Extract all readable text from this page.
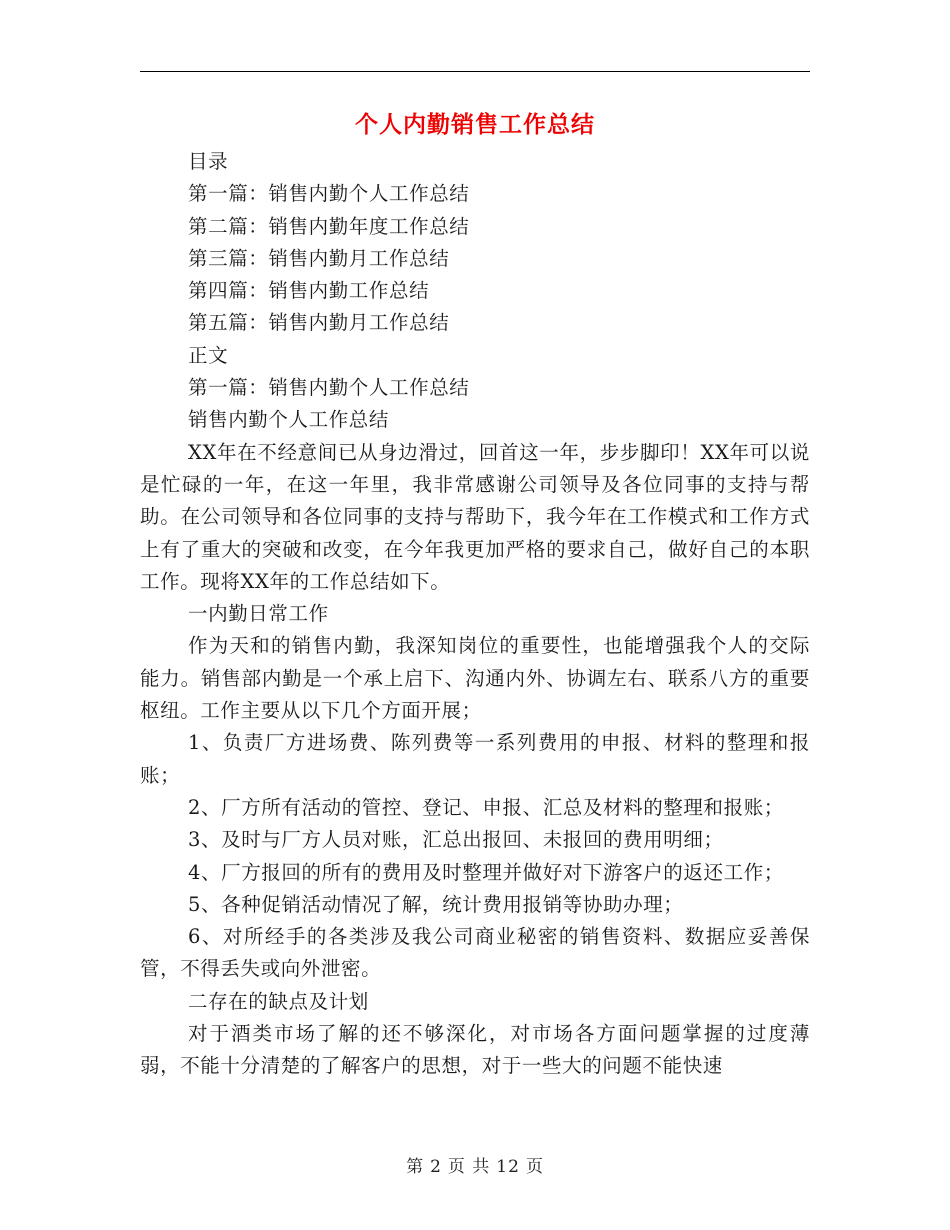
个人内勤销售工作总结

目录

第一篇：销售内勤个人工作总结

第二篇：销售内勤年度工作总结

第三篇：销售内勤月工作总结

第四篇：销售内勤工作总结

第五篇：销售内勤月工作总结

正文

第一篇：销售内勤个人工作总结

销售内勤个人工作总结

XX年在不经意间已从身边滑过，回首这一年，步步脚印！XX年可以说是忙碌的一年，在这一年里，我非常感谢公司领导及各位同事的支持与帮助。在公司领导和各位同事的支持与帮助下，我今年在工作模式和工作方式上有了重大的突破和改变，在今年我更加严格的要求自己，做好自己的本职工作。现将XX年的工作总结如下。

一内勤日常工作

作为天和的销售内勤，我深知岗位的重要性，也能增强我个人的交际能力。销售部内勤是一个承上启下、沟通内外、协调左右、联系八方的重要枢纽。工作主要从以下几个方面开展；

1、负责厂方进场费、陈列费等一系列费用的申报、材料的整理和报账；

2、厂方所有活动的管控、登记、申报、汇总及材料的整理和报账；

3、及时与厂方人员对账，汇总出报回、未报回的费用明细；

4、厂方报回的所有的费用及时整理并做好对下游客户的返还工作；

5、各种促销活动情况了解，统计费用报销等协助办理；

6、对所经手的各类涉及我公司商业秘密的销售资料、数据应妥善保管，不得丢失或向外泄密。

二存在的缺点及计划

对于酒类市场了解的还不够深化，对市场各方面问题掌握的过度薄弱，不能十分清楚的了解客户的思想，对于一些大的问题不能快速

第 2 页 共 12 页
